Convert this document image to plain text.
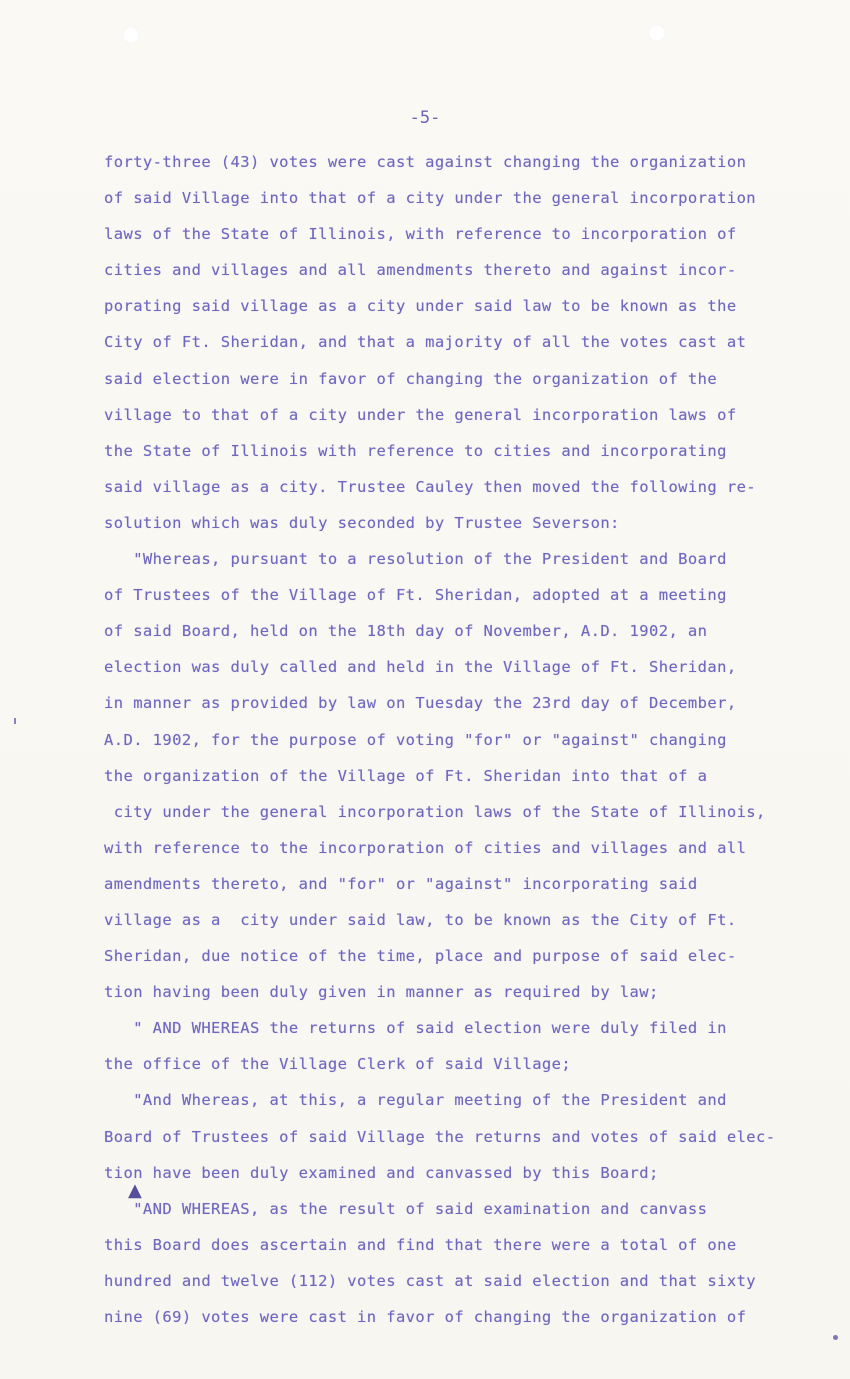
-5-
forty-three (43) votes were cast against changing the organization
of said Village into that of a city under the general incorporation
laws of the State of Illinois, with reference to incorporation of
cities and villages and all amendments thereto and against incor-
porating said village as a city under said law to be known as the
City of Ft. Sheridan, and that a majority of all the votes cast at
said election were in favor of changing the organization of the
village to that of a city under the general incorporation laws of
the State of Illinois with reference to cities and incorporating
said village as a city. Trustee Cauley then moved the following re-
solution which was duly seconded by Trustee Severson:
"Whereas, pursuant to a resolution of the President and Board
of Trustees of the Village of Ft. Sheridan, adopted at a meeting
of said Board, held on the 18th day of November, A.D. 1902, an
election was duly called and held in the Village of Ft. Sheridan,
in manner as provided by law on Tuesday the 23rd day of December,
A.D. 1902, for the purpose of voting "for" or "against" changing
the organization of the Village of Ft. Sheridan into that of a
city under the general incorporation laws of the State of Illinois,
with reference to the incorporation of cities and villages and all
amendments thereto, and "for" or "against" incorporating said
village as a  city under said law, to be known as the City of Ft.
Sheridan, due notice of the time, place and purpose of said elec-
tion having been duly given in manner as required by law;
" AND WHEREAS the returns of said election were duly filed in
the office of the Village Clerk of said Village;
"And Whereas, at this, a regular meeting of the President and
Board of Trustees of said Village the returns and votes of said elec-
tion have been duly examined and canvassed by this Board;
"AND WHEREAS, as the result of said examination and canvass
this Board does ascertain and find that there were a total of one
hundred and twelve (112) votes cast at said election and that sixty
nine (69) votes were cast in favor of changing the organization of
▲
